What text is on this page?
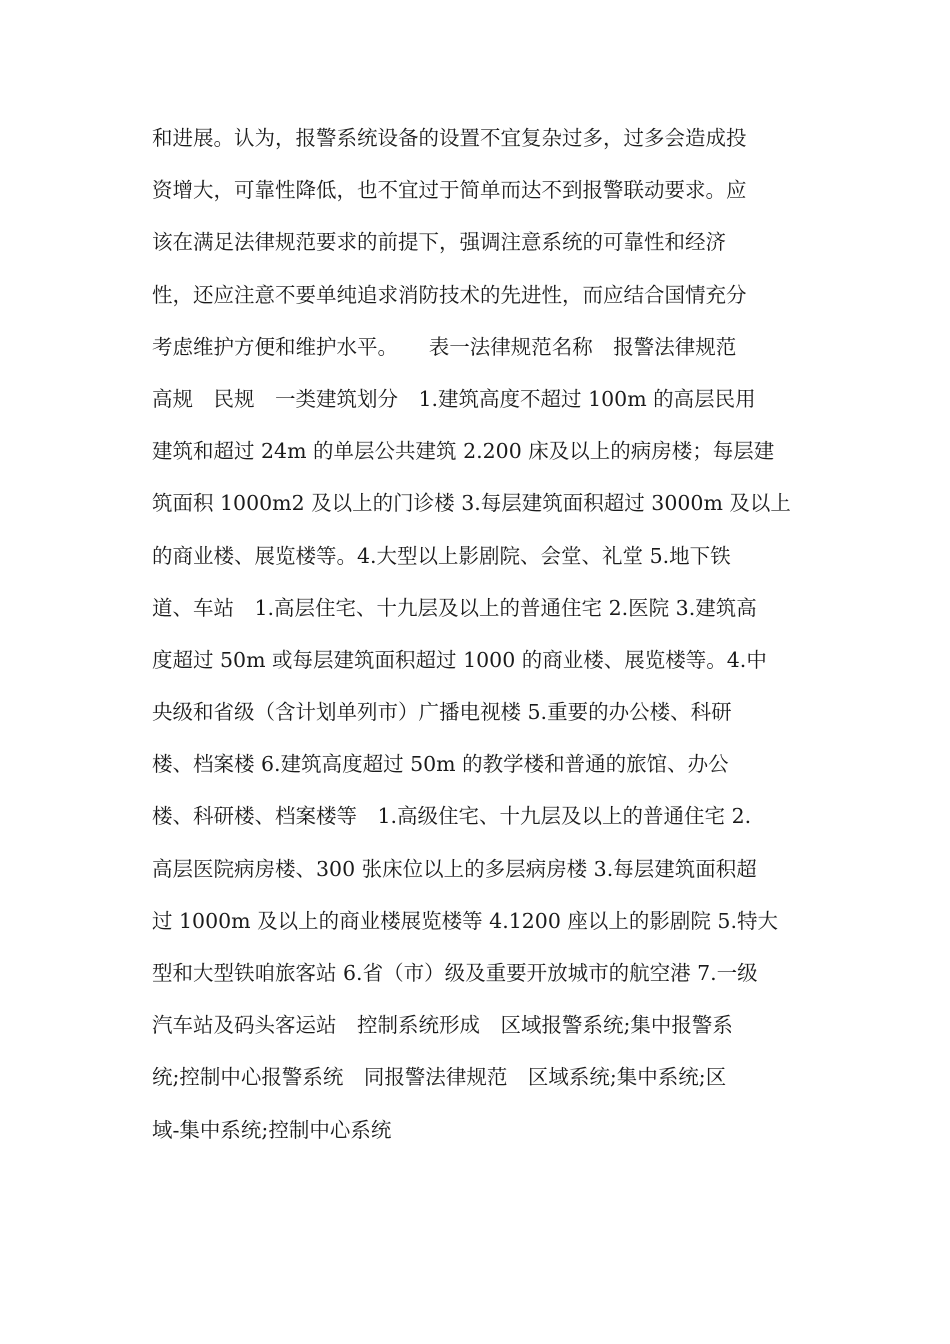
和进展。认为，报警系统设备的设置不宜复杂过多，过多会造成投
资增大，可靠性降低，也不宜过于简单而达不到报警联动要求。应
该在满足法律规范要求的前提下，强调注意系统的可靠性和经济
性，还应注意不要单纯追求消防技术的先进性，而应结合国情充分
考虑维护方便和维护水平。　　表一法律规范名称　报警法律规范
高规　民规　一类建筑划分　1.建筑高度不超过 100m 的高层民用
建筑和超过 24m 的单层公共建筑 2.200 床及以上的病房楼；每层建
筑面积 1000m2 及以上的门诊楼 3.每层建筑面积超过 3000m 及以上
的商业楼、展览楼等。4.大型以上影剧院、会堂、礼堂 5.地下铁
道、车站　1.高层住宅、十九层及以上的普通住宅 2.医院 3.建筑高
度超过 50m 或每层建筑面积超过 1000 的商业楼、展览楼等。4.中
央级和省级（含计划单列市）广播电视楼 5.重要的办公楼、科研
楼、档案楼 6.建筑高度超过 50m 的教学楼和普通的旅馆、办公
楼、科研楼、档案楼等　1.高级住宅、十九层及以上的普通住宅 2.
高层医院病房楼、300 张床位以上的多层病房楼 3.每层建筑面积超
过 1000m 及以上的商业楼展览楼等 4.1200 座以上的影剧院 5.特大
型和大型铁咱旅客站 6.省（市）级及重要开放城市的航空港 7.一级
汽车站及码头客运站　控制系统形成　区域报警系统;集中报警系
统;控制中心报警系统　同报警法律规范　区域系统;集中系统;区
域-集中系统;控制中心系统
